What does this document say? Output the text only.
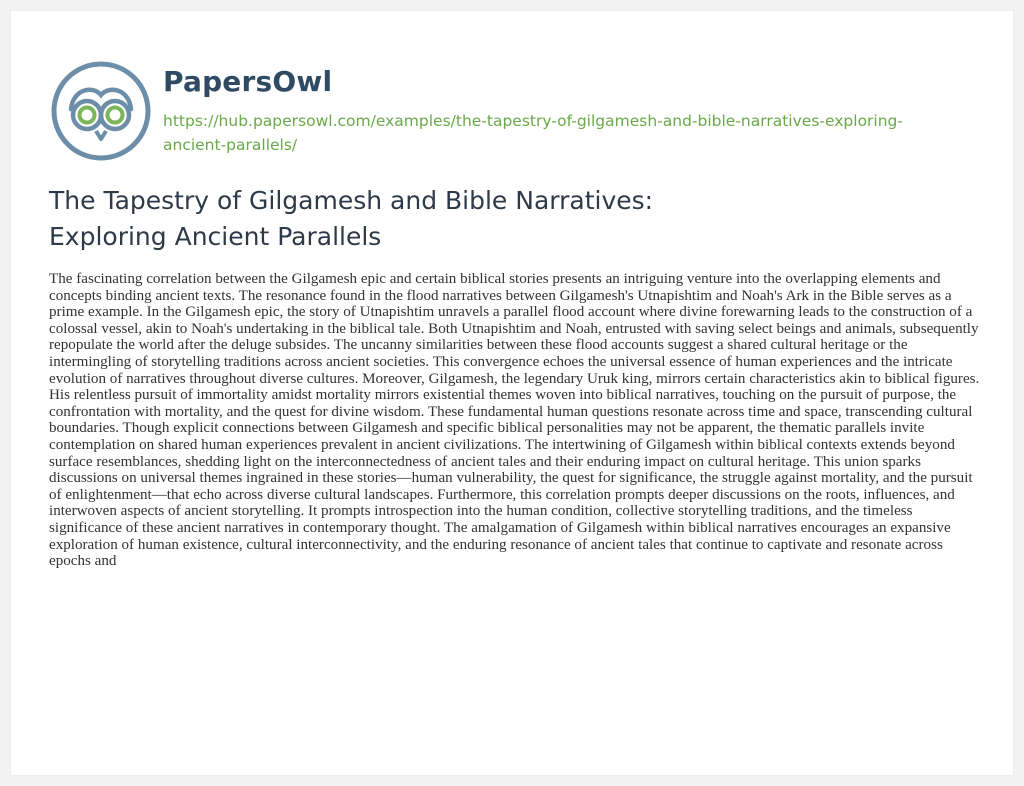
PapersOwl
https://hub.papersowl.com/examples/the-tapestry-of-gilgamesh-and-bible-narratives-exploring-ancient-parallels/
The Tapestry of Gilgamesh and Bible Narratives:
Exploring Ancient Parallels

The fascinating correlation between the Gilgamesh epic and certain biblical stories presents an intriguing venture into the overlapping elements and concepts binding ancient texts. The resonance found in the flood narratives between Gilgamesh's Utnapishtim and Noah's Ark in the Bible serves as a prime example. In the Gilgamesh epic, the story of Utnapishtim unravels a parallel flood account where divine forewarning leads to the construction of a colossal vessel, akin to Noah's undertaking in the biblical tale. Both Utnapishtim and Noah, entrusted with saving select beings and animals, subsequently repopulate the world after the deluge subsides. The uncanny similarities between these flood accounts suggest a shared cultural heritage or the intermingling of storytelling traditions across ancient societies. This convergence echoes the universal essence of human experiences and the intricate evolution of narratives throughout diverse cultures. Moreover, Gilgamesh, the legendary Uruk king, mirrors certain characteristics akin to biblical figures. His relentless pursuit of immortality amidst mortality mirrors existential themes woven into biblical narratives, touching on the pursuit of purpose, the confrontation with mortality, and the quest for divine wisdom. These fundamental human questions resonate across time and space, transcending cultural boundaries. Though explicit connections between Gilgamesh and specific biblical personalities may not be apparent, the thematic parallels invite contemplation on shared human experiences prevalent in ancient civilizations. The intertwining of Gilgamesh within biblical contexts extends beyond surface resemblances, shedding light on the interconnectedness of ancient tales and their enduring impact on cultural heritage. This union sparks discussions on universal themes ingrained in these stories—human vulnerability, the quest for significance, the struggle against mortality, and the pursuit of enlightenment—that echo across diverse cultural landscapes. Furthermore, this correlation prompts deeper discussions on the roots, influences, and interwoven aspects of ancient storytelling. It prompts introspection into the human condition, collective storytelling traditions, and the timeless significance of these ancient narratives in contemporary thought. The amalgamation of Gilgamesh within biblical narratives encourages an expansive exploration of human existence, cultural interconnectivity, and the enduring resonance of ancient tales that continue to captivate and resonate across epochs and
